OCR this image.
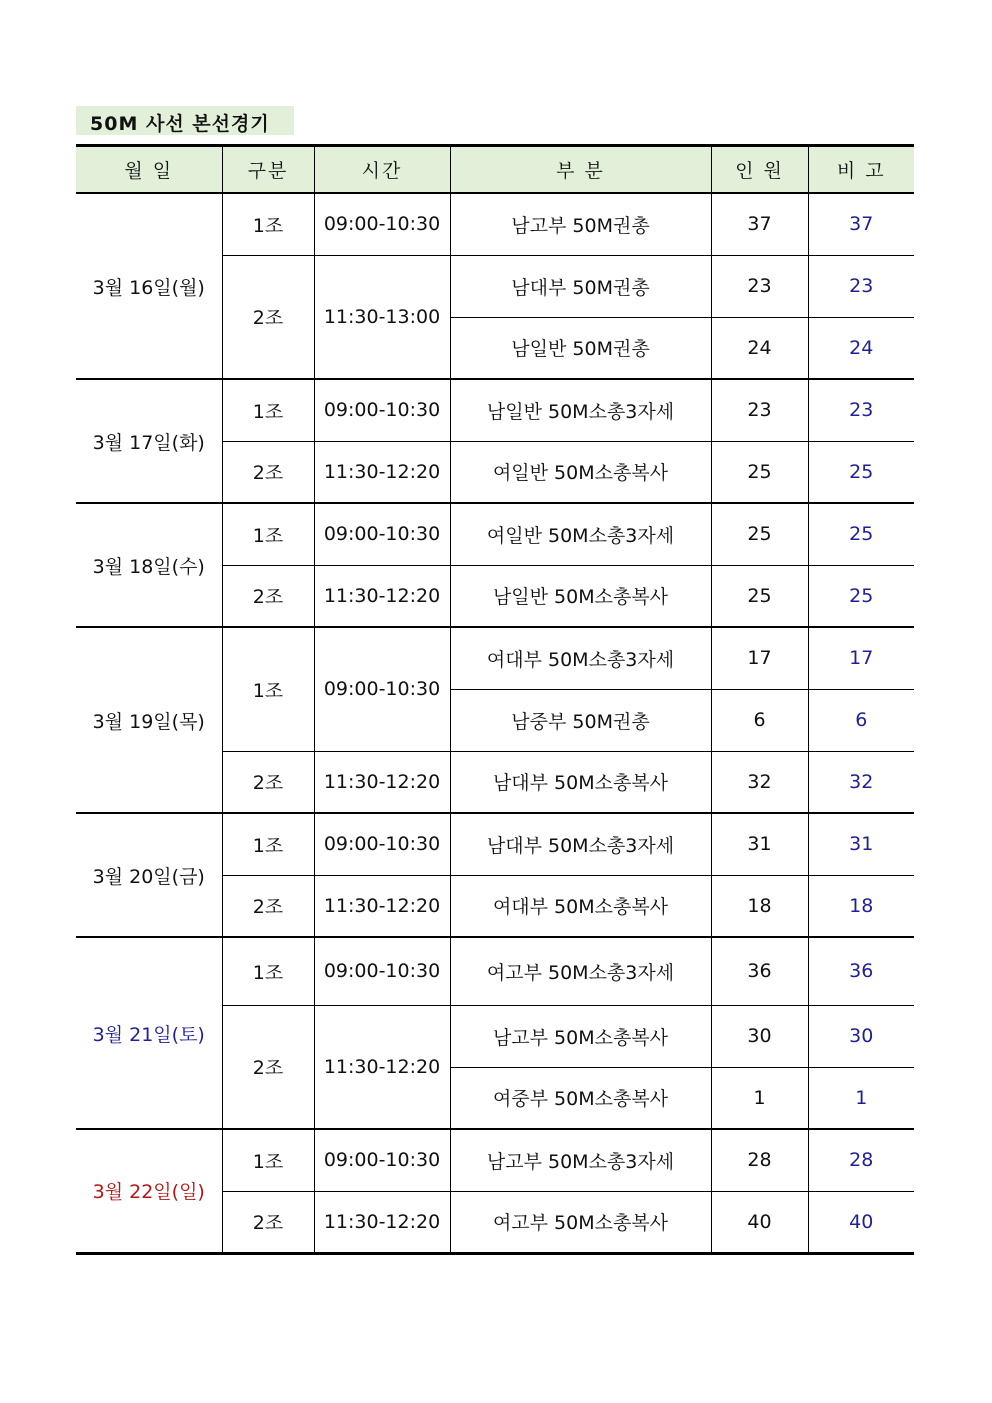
50M 사선 본선경기
월 일	구분	시간	부 분	인 원	비 고
3월 16일(월)	1조	09:00-10:30	남고부 50M권총	37	37
	2조	11:30-13:00	남대부 50M권총	23	23
			남일반 50M권총	24	24
3월 17일(화)	1조	09:00-10:30	남일반 50M소총3자세	23	23
	2조	11:30-12:20	여일반 50M소총복사	25	25
3월 18일(수)	1조	09:00-10:30	여일반 50M소총3자세	25	25
	2조	11:30-12:20	남일반 50M소총복사	25	25
3월 19일(목)	1조	09:00-10:30	여대부 50M소총3자세	17	17
			남중부 50M권총	6	6
	2조	11:30-12:20	남대부 50M소총복사	32	32
3월 20일(금)	1조	09:00-10:30	남대부 50M소총3자세	31	31
	2조	11:30-12:20	여대부 50M소총복사	18	18
3월 21일(토)	1조	09:00-10:30	여고부 50M소총3자세	36	36
	2조	11:30-12:20	남고부 50M소총복사	30	30
			여중부 50M소총복사	1	1
3월 22일(일)	1조	09:00-10:30	남고부 50M소총3자세	28	28
	2조	11:30-12:20	여고부 50M소총복사	40	40
